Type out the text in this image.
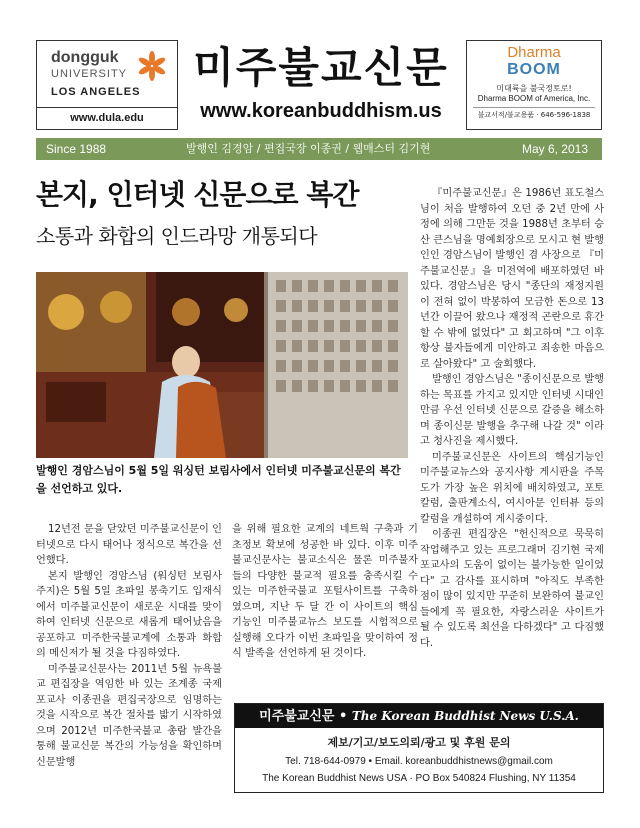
dongguk
UNIVERSITY
LOS ANGELES
www.dula.edu
미주불교신문
www.koreanbuddhism.us
Dharma
BOOM
미대륙을 불국정토로!
Dharma BOOM of America, Inc.
불교서적/불교용품 · 646-596-1838
Since 1988	발행인 김경암 / 편집국장 이종권 / 웹매스터 김기현	May 6, 2013
본지, 인터넷 신문으로 복간
소통과 화합의 인드라망 개통되다
발행인 경암스님이 5월 5일 워싱턴 보림사에서 인터넷 미주불교신문의 복간을 선언하고 있다.

『미주불교신문』은 1986년 표도철스님이 처음 발행하여 오던 중 2년 만에 사정에 의해 그만둔 것을 1988년 초부터 승산 큰스님을 명예회장으로 모시고 현 발행인인 경암스님이 발행인 겸 사장으로 『미주불교신문』을 미전역에 배포하였던 바 있다. 경암스님은 당시 "종단의 재정지원이 전혀 없이 박봉하여 모금한 돈으로 13년간 이끌어 왔으나 재정적 곤란으로 휴간할 수 밖에 없었다" 고 회고하며 "그 이후 항상 불자들에게 미안하고 죄송한 마음으로 살아왔다" 고 술회했다.

발행인 경암스님은 "종이신문으로 발행하는 목표를 가지고 있지만 인터넷 시대인만큼 우선 인터넷 신문으로 갈증을 해소하며 종이신문 발행을 추구해 나갈 것" 이라고 청사진을 제시했다.

미주불교신문은 사이트의 핵심기능인 미주불교뉴스와 공지사항 게시판을 주목도가 가장 높은 위치에 배치하였고, 포토칼럼, 출판계소식, 여시아문 인터뷰 등의 칼럼을 개설하여 게시중이다.

이종권 편집장은 "헌신적으로 묵묵히 작업해주고 있는 프로그래머 김기현 국제포교사의 도움이 없이는 불가능한 일이었다" 고 감사를 표시하며 "아직도 부족한 점이 많이 있지만 꾸준히 보완하여 불교인들에게 꼭 필요한, 자랑스러운 사이트가 될 수 있도록 최선을 다하겠다" 고 다짐했다.

12년전 문을 닫았던 미주불교신문이 인터넷으로 다시 태어나 정식으로 복간을 선언했다.

본지 발행인 경암스님 (워싱턴 보림사 주지)은 5월 5일 초파일 봉축기도 입재식에서 미주불교신문이 새로운 시대를 맞이하여 인터넷 신문으로 새롭게 태어났음을 공포하고 미주한국불교계에 소통과 화합의 메신저가 될 것을 다짐하였다.

미주불교신문사는 2011년 5월 뉴욕불교 편집장을 역임한 바 있는 조계종 국제포교사 이종권을 편집국장으로 임명하는 것을 시작으로 복간 절차를 밟기 시작하였으며 2012년 미주한국불교 총람 발간을 통해 불교신문 복간의 가능성을 확인하며 신문발행

을 위해 필요한 교계의 네트웍 구축과 기초정보 확보에 성공한 바 있다. 이후 미주불교신문사는 불교소식은 물론 미주불자들의 다양한 불교적 필요를 충족시킬 수 있는 미주한국불교 포털사이트를 구축하였으며, 지난 두 달 간 이 사이트의 핵심 기능인 미주불교뉴스 보도를 시험적으로 실행해 오다가 이번 초파일을 맞이하여 정식 발족을 선언하게 된 것이다.

미주불교신문 • The Korean Buddhist News U.S.A.
제보/기고/보도의뢰/광고 및 후원 문의
Tel. 718-644-0979 • Email. koreanbuddhistnews@gmail.com
The Korean Buddhist News USA · PO Box 540824 Flushing, NY 11354
